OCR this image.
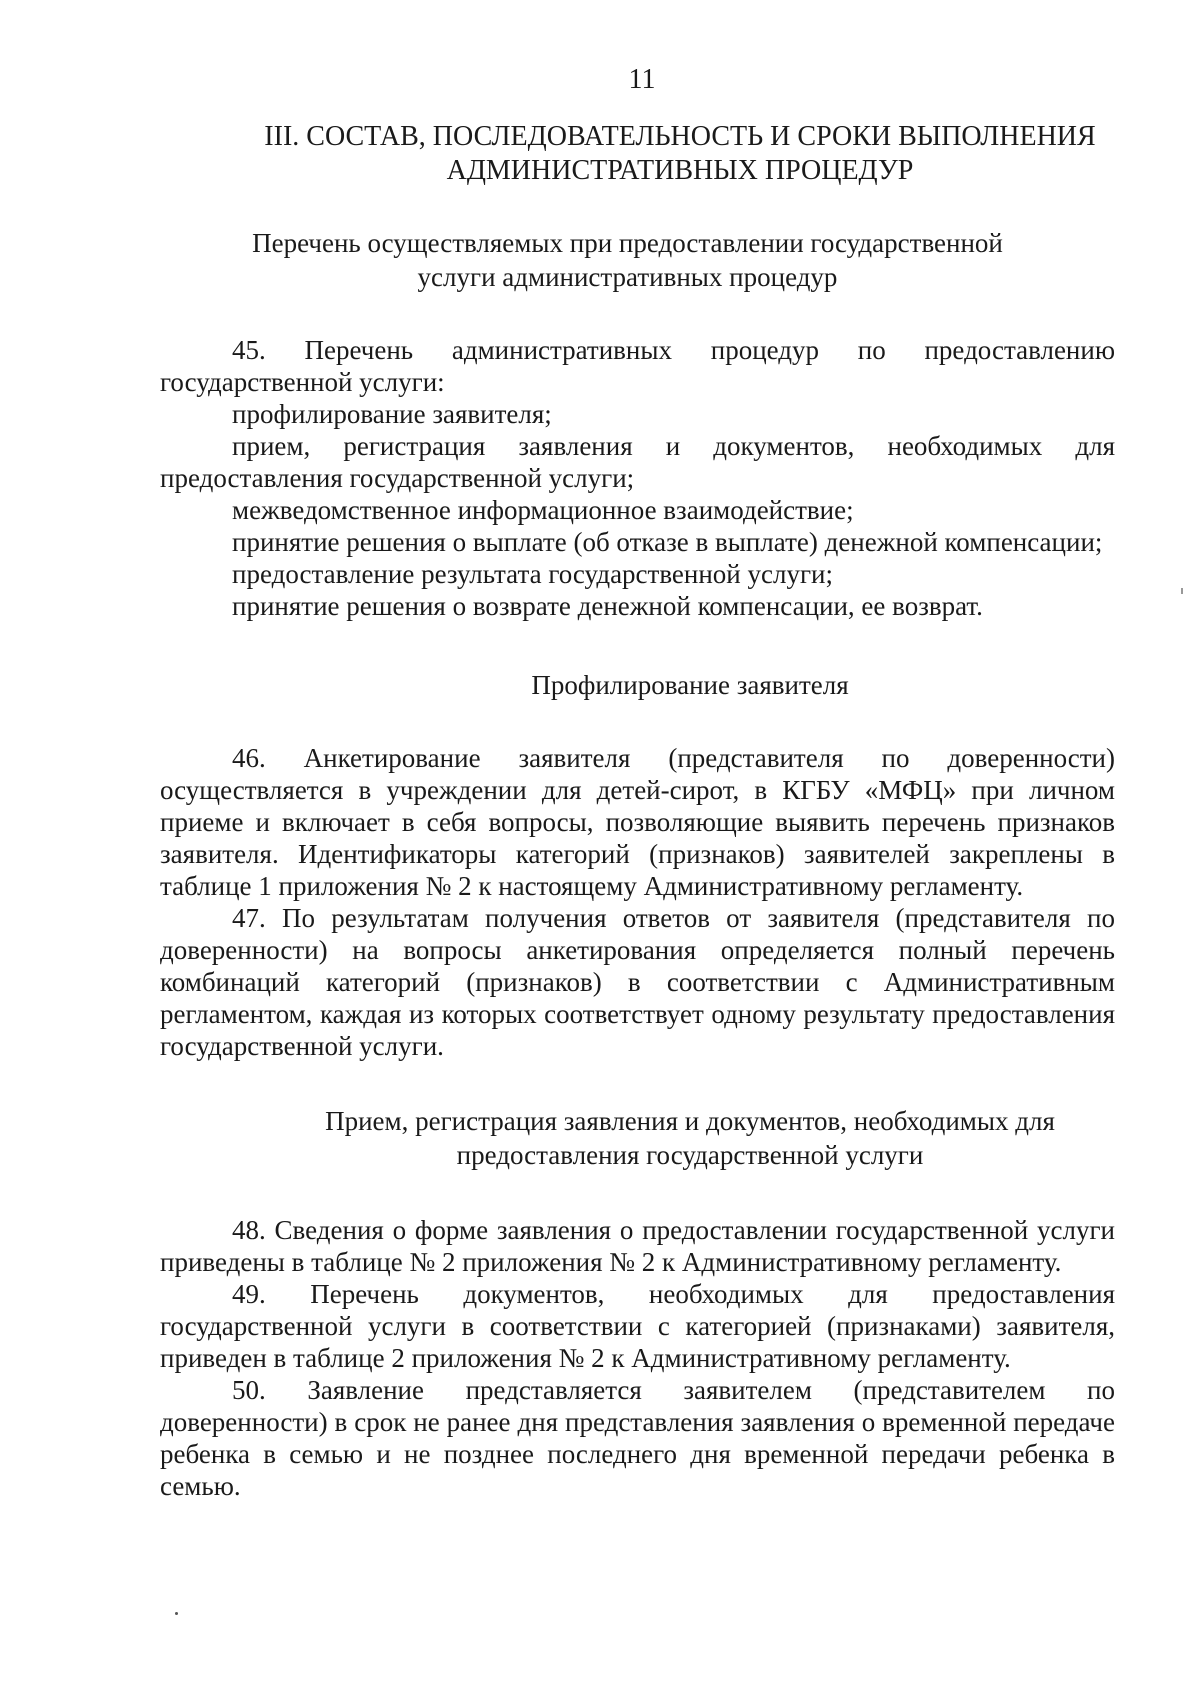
11
III. СОСТАВ, ПОСЛЕДОВАТЕЛЬНОСТЬ И СРОКИ ВЫПОЛНЕНИЯ
АДМИНИСТРАТИВНЫХ ПРОЦЕДУР
Перечень осуществляемых при предоставлении государственной
услуги административных процедур

45. Перечень административных процедур по предоставлению государственной услуги:

профилирование заявителя;

прием, регистрация заявления и документов, необходимых для предоставления государственной услуги;

межведомственное информационное взаимодействие;

принятие решения о выплате (об отказе в выплате) денежной компенсации;

предоставление результата государственной услуги;

принятие решения о возврате денежной компенсации, ее возврат.

Профилирование заявителя

46. Анкетирование заявителя (представителя по доверенности) осуществляется в учреждении для детей-сирот, в КГБУ «МФЦ» при личном приеме и включает в себя вопросы, позволяющие выявить перечень признаков заявителя. Идентификаторы категорий (признаков) заявителей закреплены в таблице 1 приложения № 2 к настоящему Административному регламенту.

47. По результатам получения ответов от заявителя (представителя по доверенности) на вопросы анкетирования определяется полный перечень комбинаций категорий (признаков) в соответствии с Административным регламентом, каждая из которых соответствует одному результату предоставления государственной услуги.

Прием, регистрация заявления и документов, необходимых для
предоставления государственной услуги

48. Сведения о форме заявления о предоставлении государственной услуги приведены в таблице № 2 приложения № 2 к Административному регламенту.

49. Перечень документов, необходимых для предоставления государственной услуги в соответствии с категорией (признаками) заявителя, приведен в таблице 2 приложения № 2 к Административному регламенту.

50. Заявление представляется заявителем (представителем по доверенности) в срок не ранее дня представления заявления о временной передаче ребенка в семью и не позднее последнего дня временной передачи ребенка в семью.
